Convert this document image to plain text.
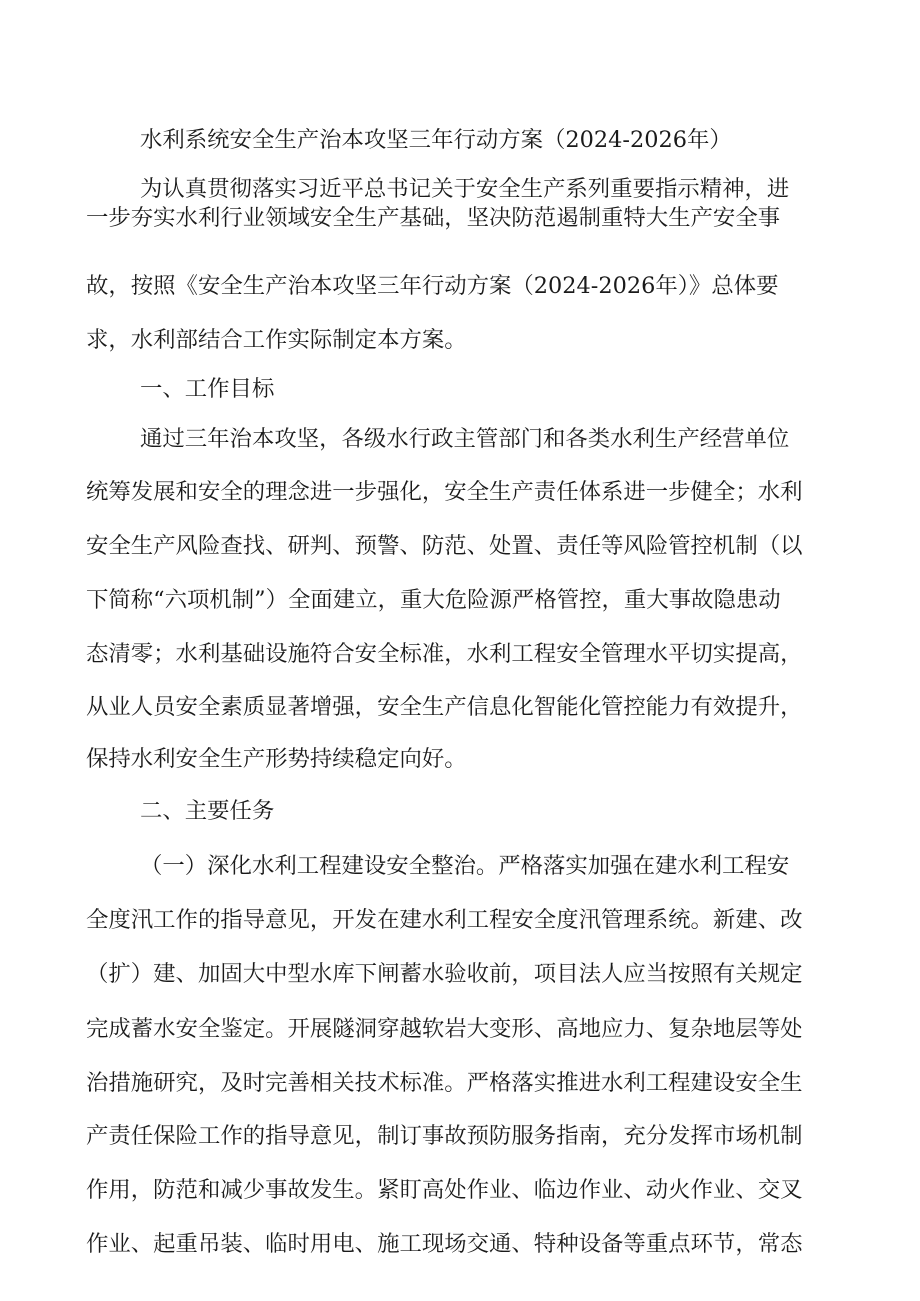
水利系统安全生产治本攻坚三年行动方案（2024-2026年）
为认真贯彻落实习近平总书记关于安全生产系列重要指示精神，进
一步夯实水利行业领域安全生产基础，坚决防范遏制重特大生产安全事
故，按照《安全生产治本攻坚三年行动方案（2024-2026年）》总体要
求，水利部结合工作实际制定本方案。
一、工作目标
通过三年治本攻坚，各级水行政主管部门和各类水利生产经营单位
统筹发展和安全的理念进一步强化，安全生产责任体系进一步健全；水利
安全生产风险查找、研判、预警、防范、处置、责任等风险管控机制（以
下简称“六项机制”）全面建立，重大危险源严格管控，重大事故隐患动
态清零；水利基础设施符合安全标准，水利工程安全管理水平切实提高，
从业人员安全素质显著增强，安全生产信息化智能化管控能力有效提升，
保持水利安全生产形势持续稳定向好。
二、主要任务
（一）深化水利工程建设安全整治。严格落实加强在建水利工程安
全度汛工作的指导意见，开发在建水利工程安全度汛管理系统。新建、改
（扩）建、加固大中型水库下闸蓄水验收前，项目法人应当按照有关规定
完成蓄水安全鉴定。开展隧洞穿越软岩大变形、高地应力、复杂地层等处
治措施研究，及时完善相关技术标准。严格落实推进水利工程建设安全生
产责任保险工作的指导意见，制订事故预防服务指南，充分发挥市场机制
作用，防范和减少事故发生。紧盯高处作业、临边作业、动火作业、交叉
作业、起重吊装、临时用电、施工现场交通、特种设备等重点环节，常态
